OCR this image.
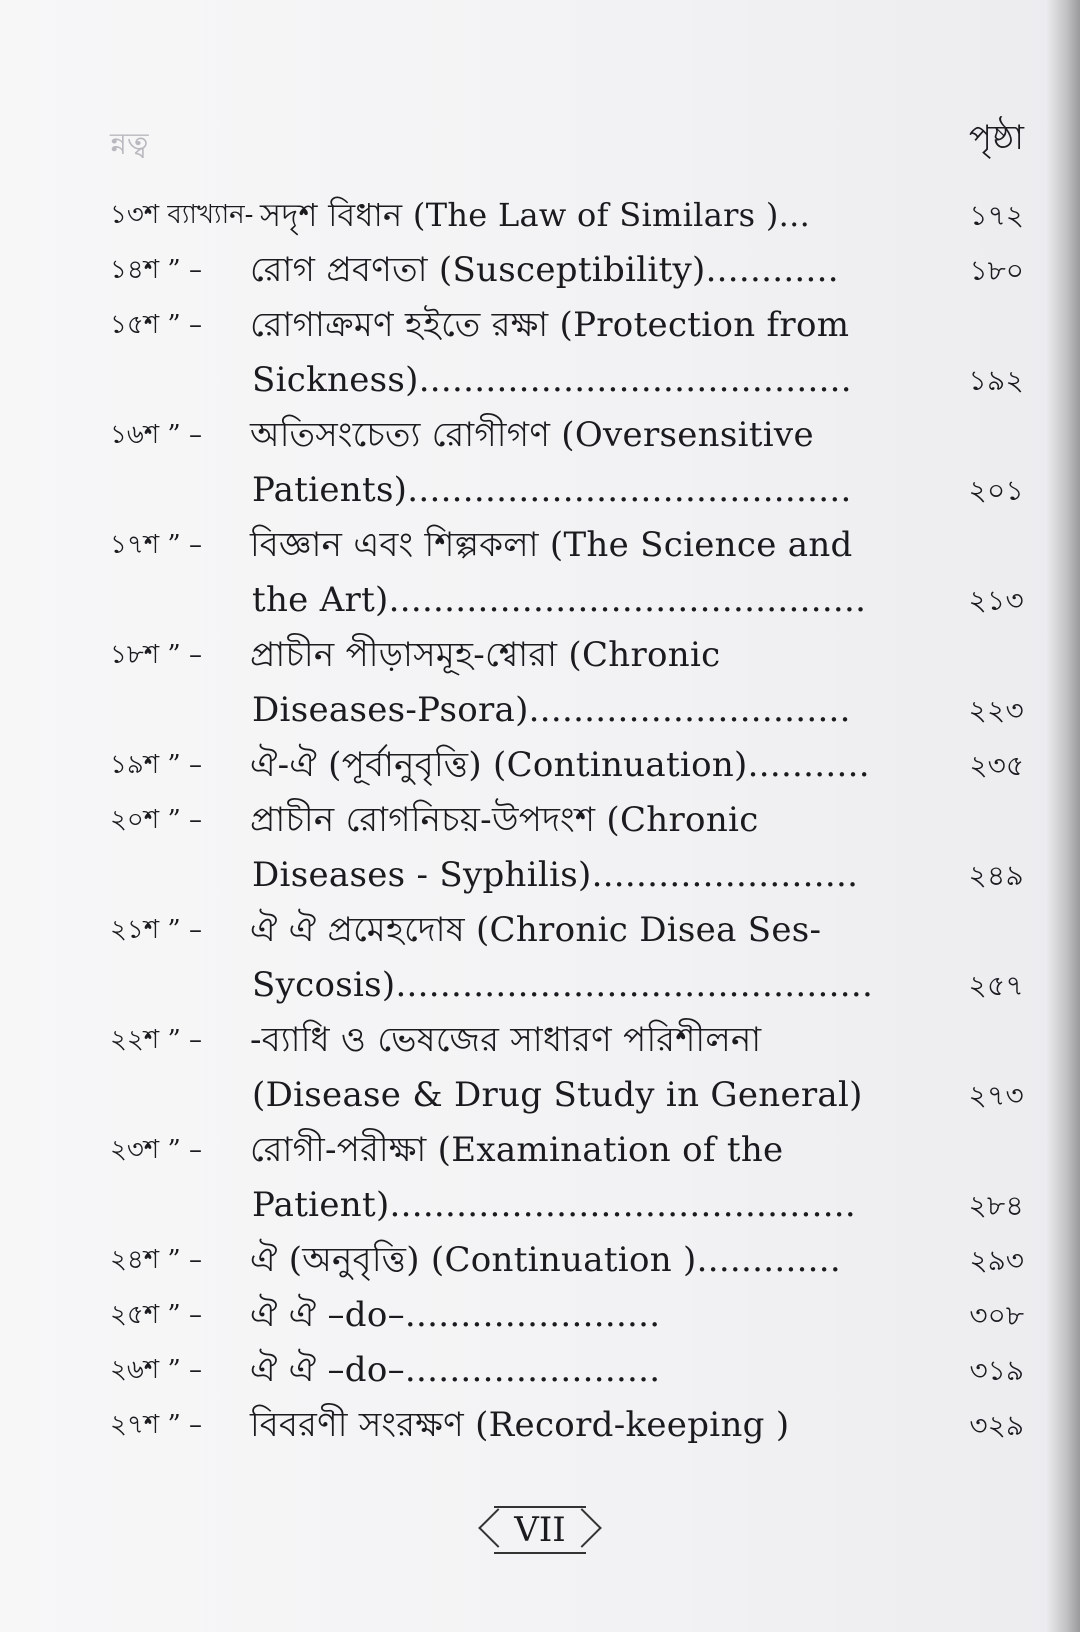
ন্নত্ব	পৃষ্ঠা
১৩শ ব্যাখ্যান- সদৃশ বিধান (The Law of Similars )...	১৭২
১৪শ ” – রোগ প্রবণতা (Susceptibility)............	১৮০
১৫শ ” – রোগাক্রমণ হইতে রক্ষা (Protection from
Sickness).......................................	১৯২
১৬শ ” – অতিসংচেত্য রোগীগণ (Oversensitive
Patients)........................................	২০১
১৭শ ” – বিজ্ঞান এবং শিল্পকলা (The Science and
the Art)...........................................	২১৩
১৮শ ” – প্রাচীন পীড়াসমূহ-শ্বোরা (Chronic
Diseases-Psora).............................	২২৩
১৯শ ” – ঐ-ঐ (পূর্বানুবৃত্তি) (Continuation)...........	২৩৫
২০শ ” – প্রাচীন রোগনিচয়-উপদংশ (Chronic
Diseases - Syphilis)........................	২৪৯
২১শ ” – ঐ ঐ প্রমেহদোষ (Chronic Disea Ses-
Sycosis)...........................................	২৫৭
২২শ ” – -ব্যাধি ও ভেষজের সাধারণ পরিশীলনা
(Disease & Drug Study in General)	২৭৩
২৩শ ” – রোগী-পরীক্ষা (Examination of the
Patient)..........................................	২৮৪
২৪শ ” – ঐ (অনুবৃত্তি) (Continuation ).............	২৯৩
২৫শ ” – ঐ ঐ –do–.......................	৩০৮
২৬শ ” – ঐ ঐ –do–.......................	৩১৯
২৭শ ” – বিবরণী সংরক্ষণ (Record-keeping )	৩২৯
VII
